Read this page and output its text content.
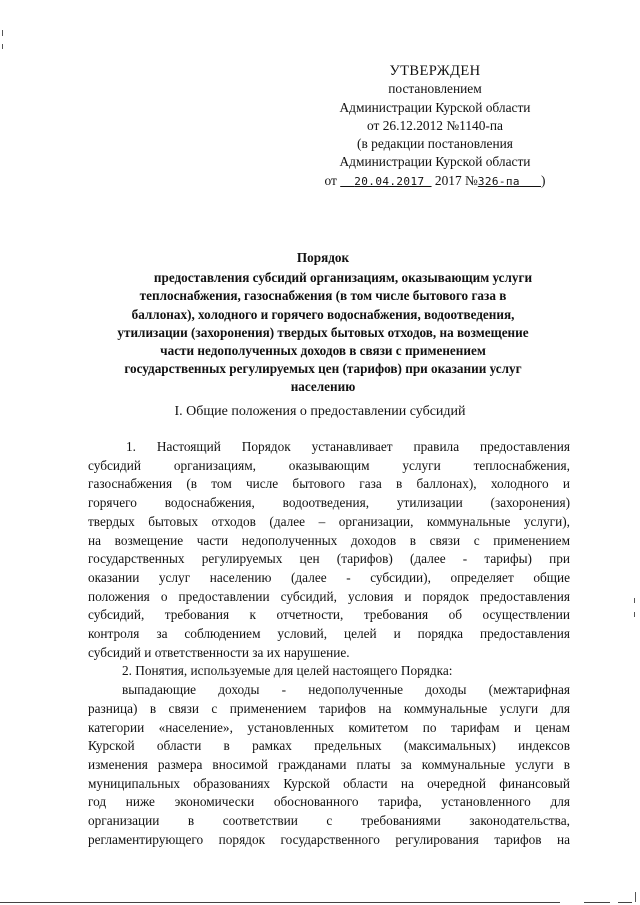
УТВЕРЖДЕН
постановлением
Администрации Курской области
от 26.12.2012 №1140-па
(в редакции постановления
Администрации Курской области
от 20.04.2017 2017 №326-па )
Порядок
предоставления субсидий организациям, оказывающим услуги
теплоснабжения, газоснабжения (в том числе бытового газа в
баллонах), холодного и горячего водоснабжения, водоотведения,
утилизации (захоронения) твердых бытовых отходов, на возмещение
части недополученных доходов в связи с применением
государственных регулируемых цен (тарифов) при оказании услуг
населению
I. Общие положения о предоставлении субсидий
1. Настоящий Порядок устанавливает правила предоставления
субсидий организациям, оказывающим услуги теплоснабжения,
газоснабжения (в том числе бытового газа в баллонах), холодного и
горячего водоснабжения, водоотведения, утилизации (захоронения)
твердых бытовых отходов (далее – организации, коммунальные услуги),
на возмещение части недополученных доходов в связи с применением
государственных регулируемых цен (тарифов) (далее - тарифы) при
оказании услуг населению (далее - субсидии), определяет общие
положения о предоставлении субсидий, условия и порядок предоставления
субсидий, требования к отчетности, требования об осуществлении
контроля за соблюдением условий, целей и порядка предоставления
субсидий и ответственности за их нарушение.
2. Понятия, используемые для целей настоящего Порядка:
выпадающие доходы - недополученные доходы (межтарифная
разница) в связи с применением тарифов на коммунальные услуги для
категории «население», установленных комитетом по тарифам и ценам
Курской области в рамках предельных (максимальных) индексов
изменения размера вносимой гражданами платы за коммунальные услуги в
муниципальных образованиях Курской области на очередной финансовый
год ниже экономически обоснованного тарифа, установленного для
организации в соответствии с требованиями законодательства,
регламентирующего порядок государственного регулирования тарифов на
